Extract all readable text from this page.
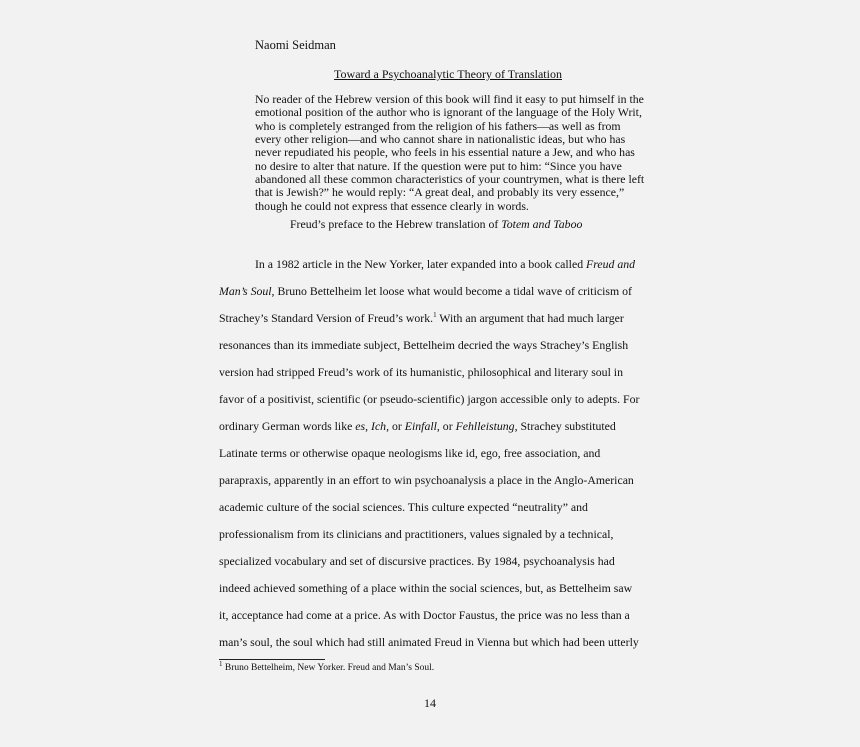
Naomi Seidman
Toward a Psychoanalytic Theory of Translation
No reader of the Hebrew version of this book will find it easy to put himself in the
emotional position of the author who is ignorant of the language of the Holy Writ,
who is completely estranged from the religion of his fathers—as well as from
every other religion—and who cannot share in nationalistic ideas, but who has
never repudiated his people, who feels in his essential nature a Jew, and who has
no desire to alter that nature. If the question were put to him: “Since you have
abandoned all these common characteristics of your countrymen, what is there left
that is Jewish?” he would reply: “A great deal, and probably its very essence,”
though he could not express that essence clearly in words.
Freud’s preface to the Hebrew translation of Totem and Taboo
In a 1982 article in the New Yorker, later expanded into a book called Freud and
Man’s Soul, Bruno Bettelheim let loose what would become a tidal wave of criticism of
Strachey’s Standard Version of Freud’s work.$^1$ With an argument that had much larger
resonances than its immediate subject, Bettelheim decried the ways Strachey’s English
version had stripped Freud’s work of its humanistic, philosophical and literary soul in
favor of a positivist, scientific (or pseudo-scientific) jargon accessible only to adepts. For
ordinary German words like es, Ich, or Einfall, or Fehlleistung, Strachey substituted
Latinate terms or otherwise opaque neologisms like id, ego, free association, and
parapraxis, apparently in an effort to win psychoanalysis a place in the Anglo-American
academic culture of the social sciences. This culture expected “neutrality” and
professionalism from its clinicians and practitioners, values signaled by a technical,
specialized vocabulary and set of discursive practices. By 1984, psychoanalysis had
indeed achieved something of a place within the social sciences, but, as Bettelheim saw
it, acceptance had come at a price. As with Doctor Faustus, the price was no less than a
man’s soul, the soul which had still animated Freud in Vienna but which had been utterly
$^1$ Bruno Bettelheim, New Yorker. Freud and Man’s Soul.
14
